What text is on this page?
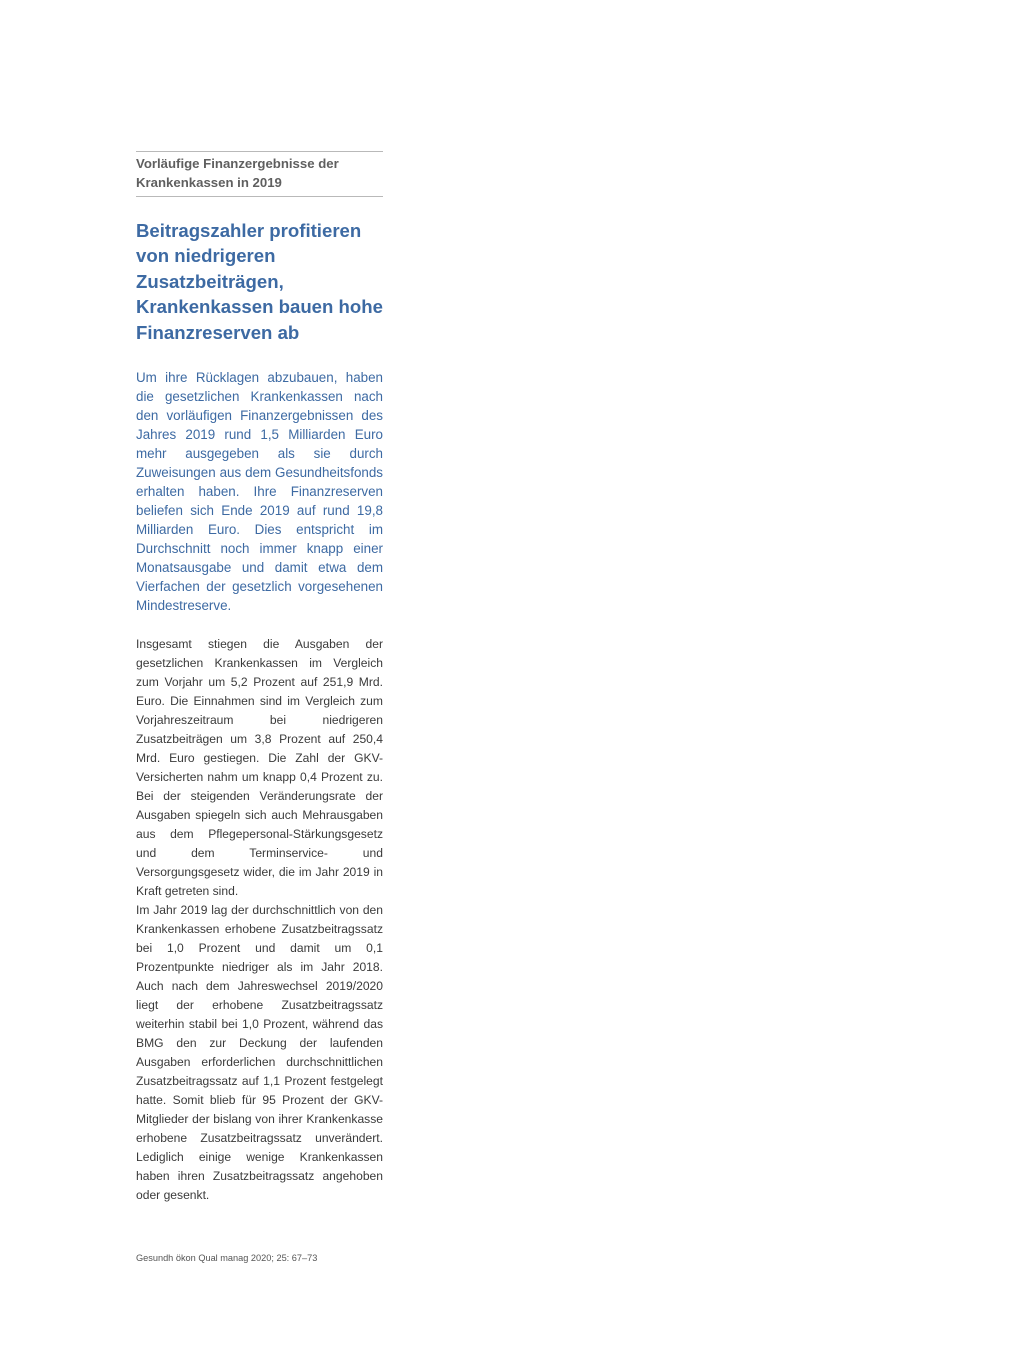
Vorläufige Finanzergebnisse der
Krankenkassen in 2019
Beitragszahler profitieren von niedrigeren Zusatzbeiträgen, Krankenkassen bauen hohe Finanzreserven ab

Um ihre Rücklagen abzubauen, haben die gesetzlichen Krankenkassen nach den vorläufigen Finanzergebnissen des Jahres 2019 rund 1,5 Milliarden Euro mehr ausgegeben als sie durch Zuweisungen aus dem Gesundheitsfonds erhalten haben. Ihre Finanzreserven beliefen sich Ende 2019 auf rund 19,8 Milliarden Euro. Dies entspricht im Durchschnitt noch immer knapp einer Monatsausgabe und damit etwa dem Vierfachen der gesetzlich vorgesehenen Mindestreserve.

Insgesamt stiegen die Ausgaben der gesetzlichen Krankenkassen im Vergleich zum Vorjahr um 5,2 Prozent auf 251,9 Mrd. Euro. Die Einnahmen sind im Vergleich zum Vorjahreszeitraum bei niedrigeren Zusatzbeiträgen um 3,8 Prozent auf 250,4 Mrd. Euro gestiegen. Die Zahl der GKV-Versicherten nahm um knapp 0,4 Prozent zu. Bei der steigenden Veränderungsrate der Ausgaben spiegeln sich auch Mehrausgaben aus dem Pflegepersonal-Stärkungsgesetz und dem Terminservice- und Versorgungsgesetz wider, die im Jahr 2019 in Kraft getreten sind.

Im Jahr 2019 lag der durchschnittlich von den Krankenkassen erhobene Zusatzbeitragssatz bei 1,0 Prozent und damit um 0,1 Prozentpunkte niedriger als im Jahr 2018. Auch nach dem Jahreswechsel 2019/2020 liegt der erhobene Zusatzbeitragssatz weiterhin stabil bei 1,0 Prozent, während das BMG den zur Deckung der laufenden Ausgaben erforderlichen durchschnittlichen Zusatzbeitragssatz auf 1,1 Prozent festgelegt hatte. Somit blieb für 95 Prozent der GKV-Mitglieder der bislang von ihrer Krankenkasse erhobene Zusatzbeitragssatz unverändert. Lediglich einige wenige Krankenkassen haben ihren Zusatzbeitragssatz angehoben oder gesenkt.

Gesundh ökon Qual manag 2020; 25: 67–73
